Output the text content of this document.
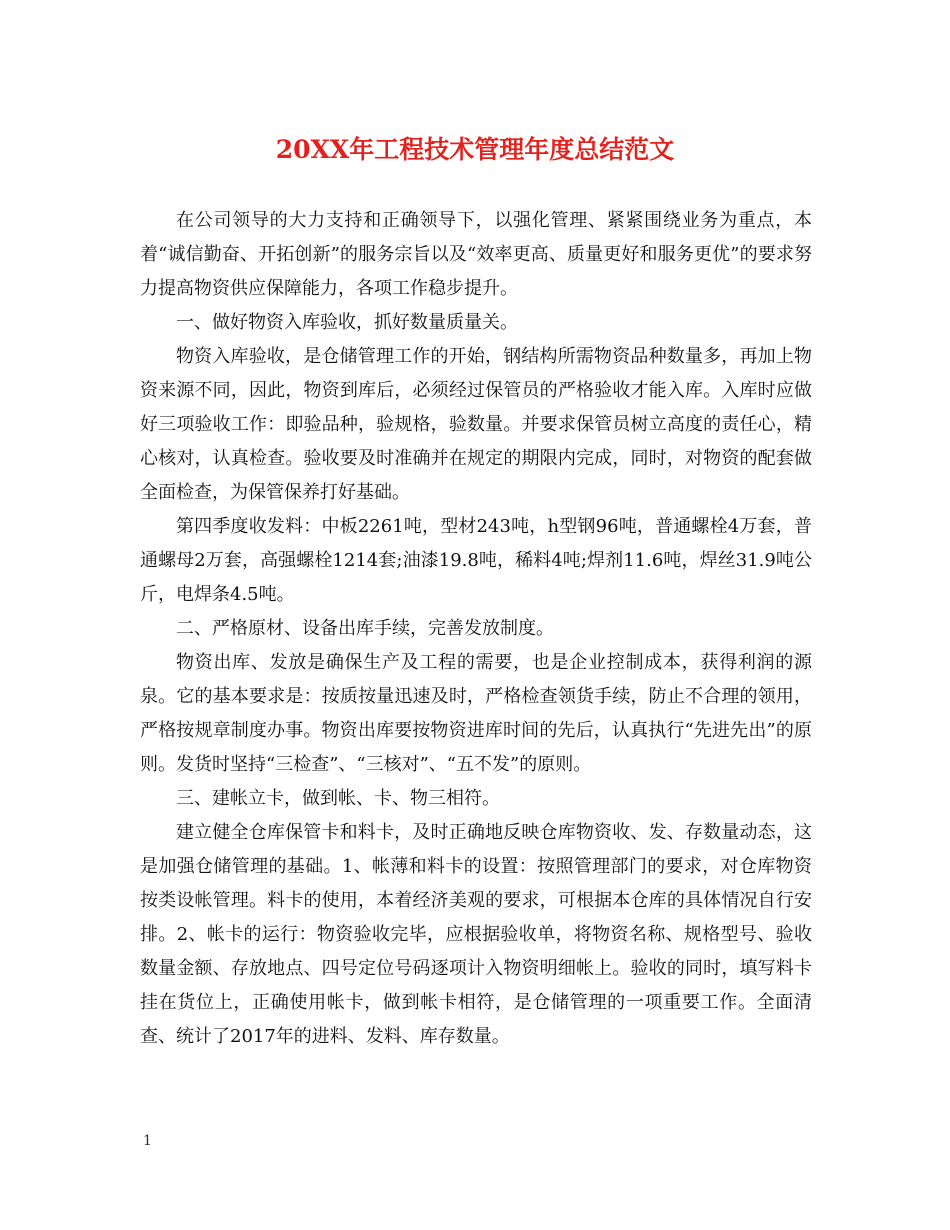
20XX年工程技术管理年度总结范文

在公司领导的大力支持和正确领导下，以强化管理、紧紧围绕业务为重点，本着“诚信勤奋、开拓创新”的服务宗旨以及“效率更高、质量更好和服务更优”的要求努力提高物资供应保障能力，各项工作稳步提升。

一、做好物资入库验收，抓好数量质量关。

物资入库验收，是仓储管理工作的开始，钢结构所需物资品种数量多，再加上物资来源不同，因此，物资到库后，必须经过保管员的严格验收才能入库。入库时应做好三项验收工作：即验品种，验规格，验数量。并要求保管员树立高度的责任心，精心核对，认真检查。验收要及时准确并在规定的期限内完成，同时，对物资的配套做全面检查，为保管保养打好基础。

第四季度收发料：中板2261吨，型材243吨，h型钢96吨，普通螺栓4万套，普通螺母2万套，高强螺栓1214套;油漆19.8吨，稀料4吨;焊剂11.6吨，焊丝31.9吨公斤，电焊条4.5吨。

二、严格原材、设备出库手续，完善发放制度。

物资出库、发放是确保生产及工程的需要，也是企业控制成本，获得利润的源泉。它的基本要求是：按质按量迅速及时，严格检查领货手续，防止不合理的领用，严格按规章制度办事。物资出库要按物资进库时间的先后，认真执行“先进先出”的原则。发货时坚持“三检查”、“三核对”、“五不发”的原则。

三、建帐立卡，做到帐、卡、物三相符。

建立健全仓库保管卡和料卡，及时正确地反映仓库物资收、发、存数量动态，这是加强仓储管理的基础。1、帐薄和料卡的设置：按照管理部门的要求，对仓库物资按类设帐管理。料卡的使用，本着经济美观的要求，可根据本仓库的具体情况自行安排。2、帐卡的运行：物资验收完毕，应根据验收单，将物资名称、规格型号、验收数量金额、存放地点、四号定位号码逐项计入物资明细帐上。验收的同时，填写料卡挂在货位上，正确使用帐卡，做到帐卡相符，是仓储管理的一项重要工作。全面清查、统计了2017年的进料、发料、库存数量。

1
